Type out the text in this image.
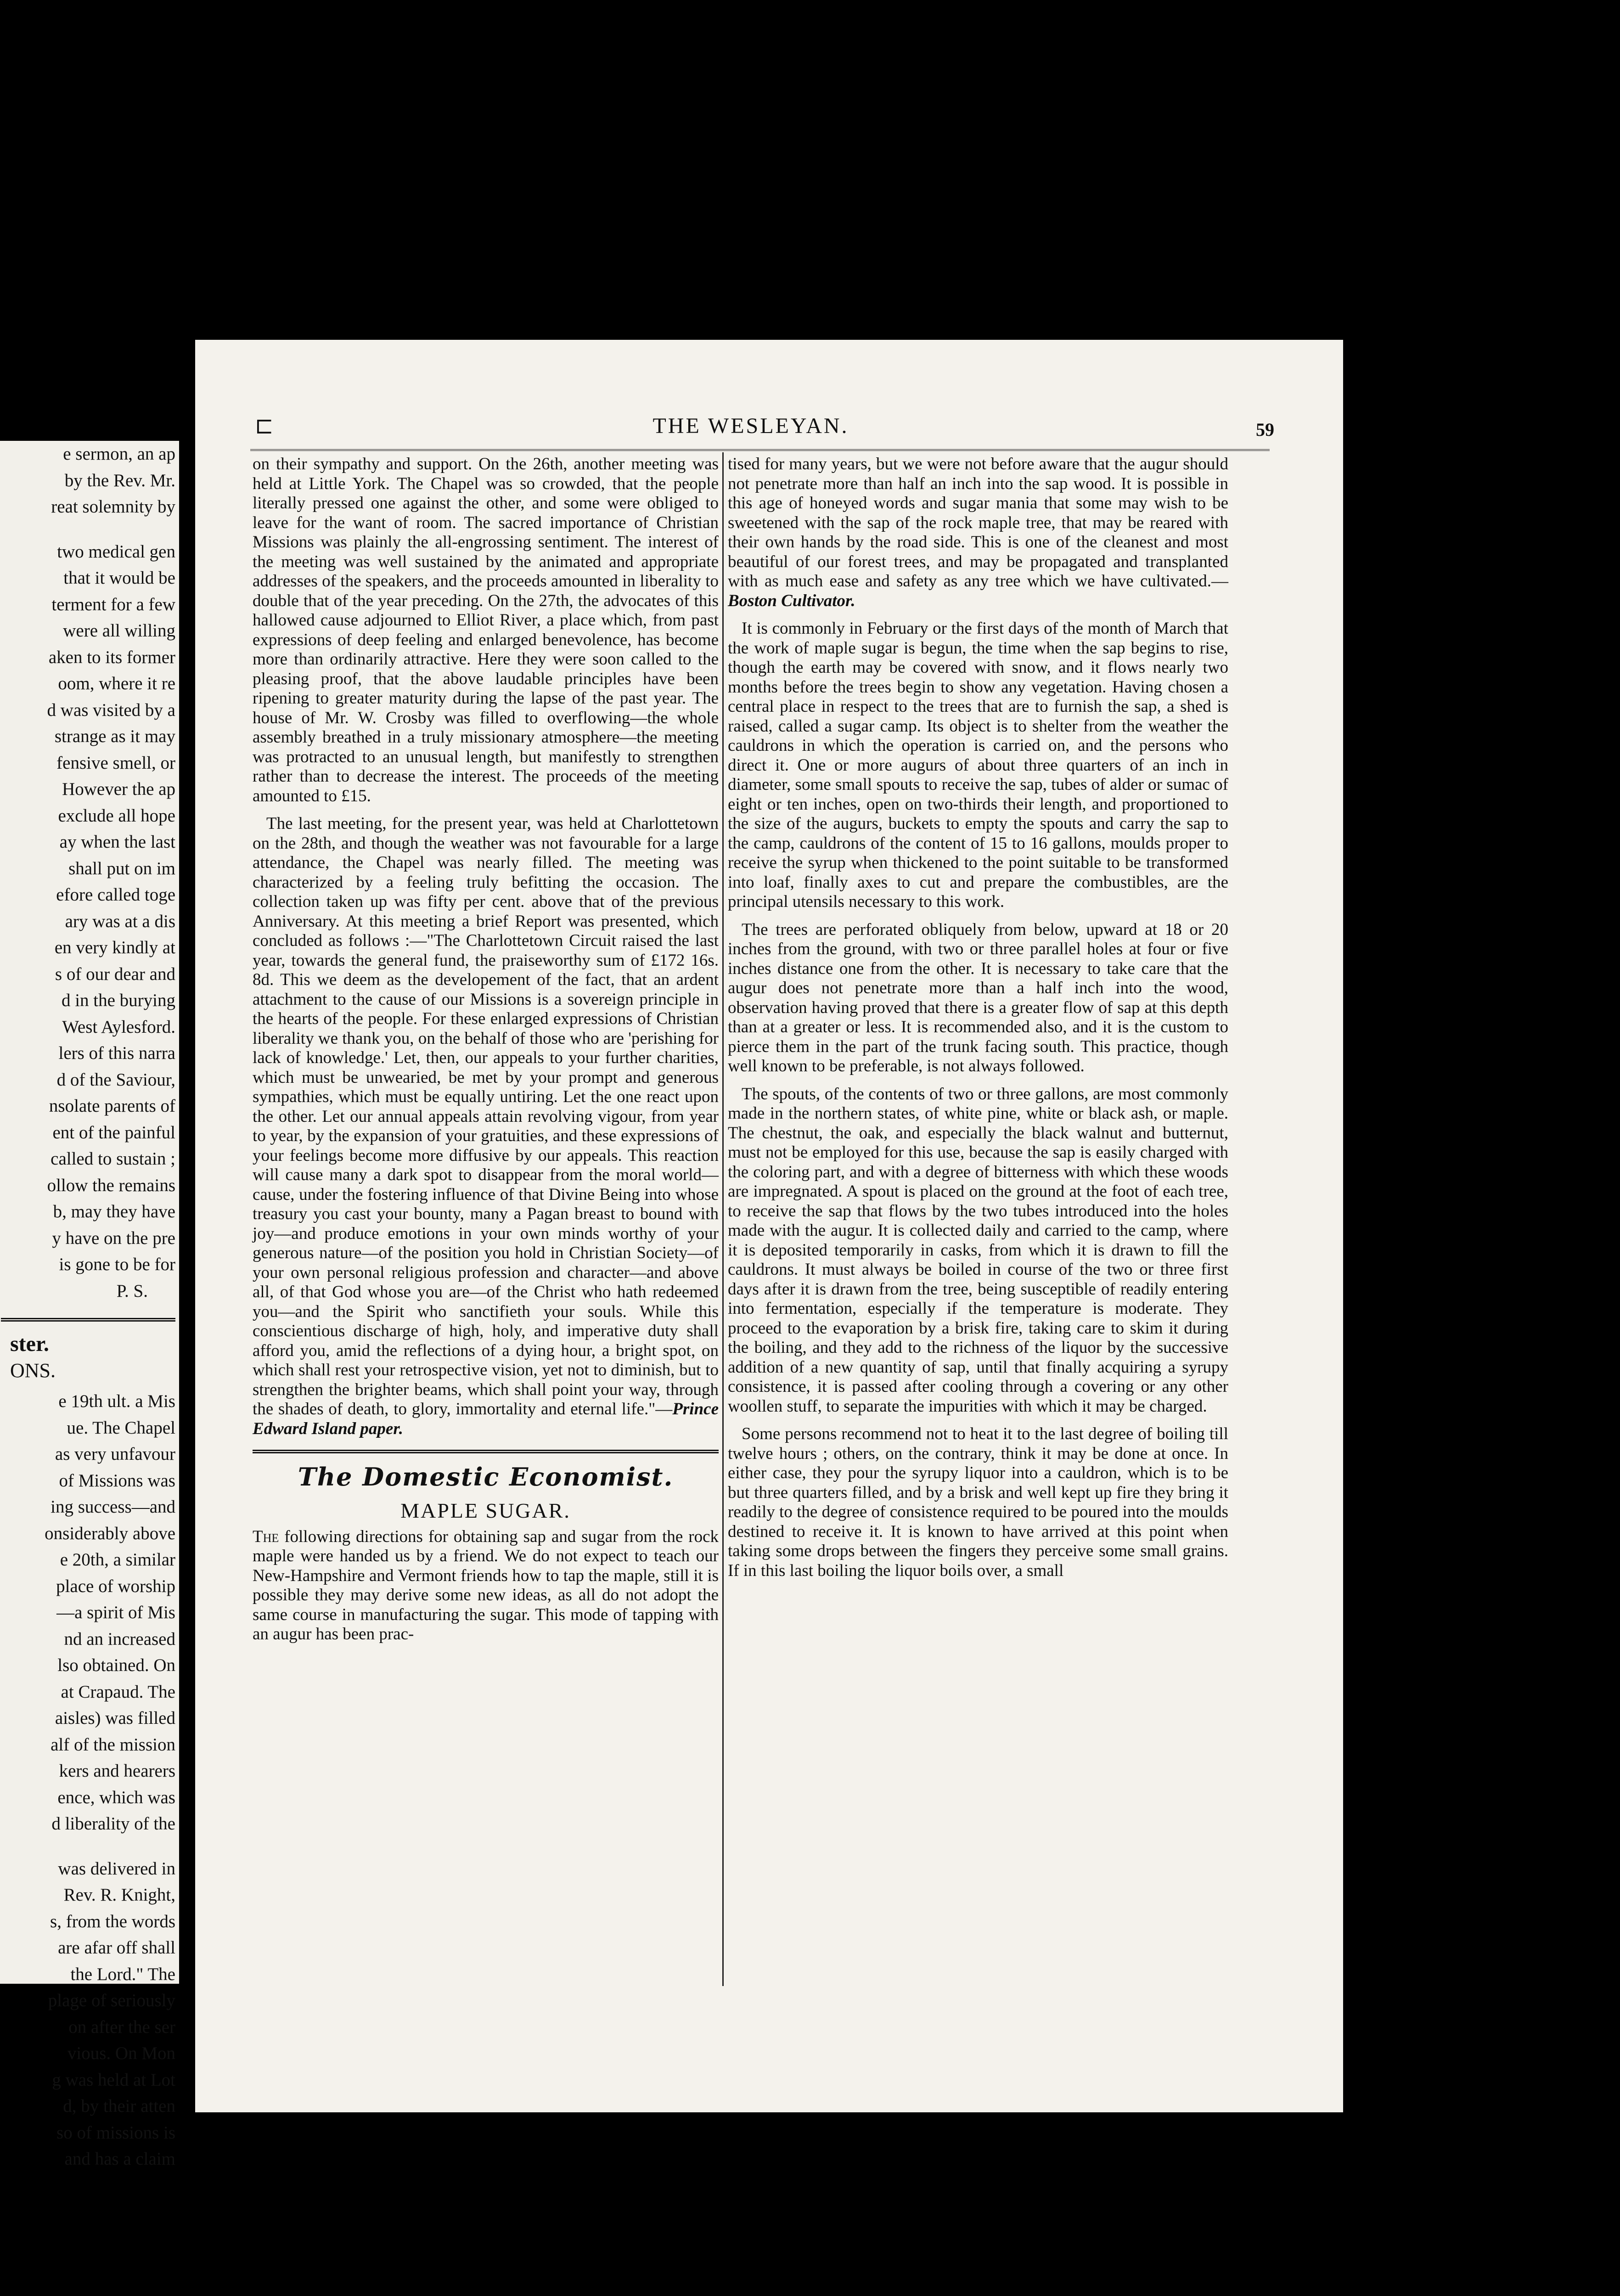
e sermon, an ap

by the Rev. Mr.

reat solemnity by

two medical gen

that it would be

terment for a few

were all willing

aken to its former

oom, where it re

d was visited by a

strange as it may

fensive smell, or

However the ap

exclude all hope

ay when the last

shall put on im

efore called toge

ary was at a dis

en very kindly at

s of our dear and

d in the burying

West Aylesford.

lers of this narra

d of the Saviour,

nsolate parents of

ent of the painful

called to sustain ;

ollow the remains

b, may they have

y have on the pre

is gone to be for

P. S.

ster.
ONS.

e 19th ult. a Mis

ue. The Chapel

as very unfavour

of Missions was

ing success—and

onsiderably above

e 20th, a similar

place of worship

—a spirit of Mis

nd an increased

lso obtained. On

at Crapaud. The

aisles) was filled

alf of the mission

kers and hearers

ence, which was

d liberality of the

was delivered in

Rev. R. Knight,

s, from the words

are afar off shall

the Lord." The

plage of seriously

on after the ser

vious. On Mon

g was held at Lot

d, by their atten

so of missions is

and has a claim

⊏	THE WESLEYAN.	59

on their sympathy and support. On the 26th, another meeting was held at Little York. The Chapel was so crowded, that the people literally pressed one against the other, and some were obliged to leave for the want of room. The sacred importance of Christian Missions was plainly the all-engrossing sentiment. The interest of the meeting was well sustained by the animated and appropriate addresses of the speakers, and the proceeds amounted in liberality to double that of the year preceding. On the 27th, the advocates of this hallowed cause adjourned to Elliot River, a place which, from past expressions of deep feeling and enlarged benevolence, has become more than ordinarily attractive. Here they were soon called to the pleasing proof, that the above laudable principles have been ripening to greater maturity during the lapse of the past year. The house of Mr. W. Crosby was filled to overflowing—the whole assembly breathed in a truly missionary atmosphere—the meeting was protracted to an unusual length, but manifestly to strengthen rather than to decrease the interest. The proceeds of the meeting amounted to £15.

The last meeting, for the present year, was held at Charlottetown on the 28th, and though the weather was not favourable for a large attendance, the Chapel was nearly filled. The meeting was characterized by a feeling truly befitting the occasion. The collection taken up was fifty per cent. above that of the previous Anniversary. At this meeting a brief Report was presented, which concluded as follows :—"The Charlottetown Circuit raised the last year, towards the general fund, the praiseworthy sum of £172 16s. 8d. This we deem as the developement of the fact, that an ardent attachment to the cause of our Missions is a sovereign principle in the hearts of the people. For these enlarged expressions of Christian liberality we thank you, on the behalf of those who are 'perishing for lack of knowledge.' Let, then, our appeals to your further charities, which must be unwearied, be met by your prompt and generous sympathies, which must be equally untiring. Let the one react upon the other. Let our annual appeals attain revolving vigour, from year to year, by the expansion of your gratuities, and these expressions of your feelings become more diffusive by our appeals. This reaction will cause many a dark spot to disappear from the moral world—cause, under the fostering influence of that Divine Being into whose treasury you cast your bounty, many a Pagan breast to bound with joy—and produce emotions in your own minds worthy of your generous nature—of the position you hold in Christian Society—of your own personal religious profession and character—and above all, of that God whose you are—of the Christ who hath redeemed you—and the Spirit who sanctifieth your souls. While this conscientious discharge of high, holy, and imperative duty shall afford you, amid the reflections of a dying hour, a bright spot, on which shall rest your retrospective vision, yet not to diminish, but to strengthen the brighter beams, which shall point your way, through the shades of death, to glory, immortality and eternal life."—Prince Edward Island paper.

The Domestic Economist.
MAPLE SUGAR.

The following directions for obtaining sap and sugar from the rock maple were handed us by a friend. We do not expect to teach our New-Hampshire and Vermont friends how to tap the maple, still it is possible they may derive some new ideas, as all do not adopt the same course in manufacturing the sugar. This mode of tapping with an augur has been prac-

tised for many years, but we were not before aware that the augur should not penetrate more than half an inch into the sap wood. It is possible in this age of honeyed words and sugar mania that some may wish to be sweetened with the sap of the rock maple tree, that may be reared with their own hands by the road side. This is one of the cleanest and most beautiful of our forest trees, and may be propagated and transplanted with as much ease and safety as any tree which we have cultivated.—Boston Cultivator.

It is commonly in February or the first days of the month of March that the work of maple sugar is begun, the time when the sap begins to rise, though the earth may be covered with snow, and it flows nearly two months before the trees begin to show any vegetation. Having chosen a central place in respect to the trees that are to furnish the sap, a shed is raised, called a sugar camp. Its object is to shelter from the weather the cauldrons in which the operation is carried on, and the persons who direct it. One or more augurs of about three quarters of an inch in diameter, some small spouts to receive the sap, tubes of alder or sumac of eight or ten inches, open on two-thirds their length, and proportioned to the size of the augurs, buckets to empty the spouts and carry the sap to the camp, cauldrons of the content of 15 to 16 gallons, moulds proper to receive the syrup when thickened to the point suitable to be transformed into loaf, finally axes to cut and prepare the combustibles, are the principal utensils necessary to this work.

The trees are perforated obliquely from below, upward at 18 or 20 inches from the ground, with two or three parallel holes at four or five inches distance one from the other. It is necessary to take care that the augur does not penetrate more than a half inch into the wood, observation having proved that there is a greater flow of sap at this depth than at a greater or less. It is recommended also, and it is the custom to pierce them in the part of the trunk facing south. This practice, though well known to be preferable, is not always followed.

The spouts, of the contents of two or three gallons, are most commonly made in the northern states, of white pine, white or black ash, or maple. The chestnut, the oak, and especially the black walnut and butternut, must not be employed for this use, because the sap is easily charged with the coloring part, and with a degree of bitterness with which these woods are impregnated. A spout is placed on the ground at the foot of each tree, to receive the sap that flows by the two tubes introduced into the holes made with the augur. It is collected daily and carried to the camp, where it is deposited temporarily in casks, from which it is drawn to fill the cauldrons. It must always be boiled in course of the two or three first days after it is drawn from the tree, being susceptible of readily entering into fermentation, especially if the temperature is moderate. They proceed to the evaporation by a brisk fire, taking care to skim it during the boiling, and they add to the richness of the liquor by the successive addition of a new quantity of sap, until that finally acquiring a syrupy consistence, it is passed after cooling through a covering or any other woollen stuff, to separate the impurities with which it may be charged.

Some persons recommend not to heat it to the last degree of boiling till twelve hours ; others, on the contrary, think it may be done at once. In either case, they pour the syrupy liquor into a cauldron, which is to be but three quarters filled, and by a brisk and well kept up fire they bring it readily to the degree of consistence required to be poured into the moulds destined to receive it. It is known to have arrived at this point when taking some drops between the fingers they perceive some small grains. If in this last boiling the liquor boils over, a small
